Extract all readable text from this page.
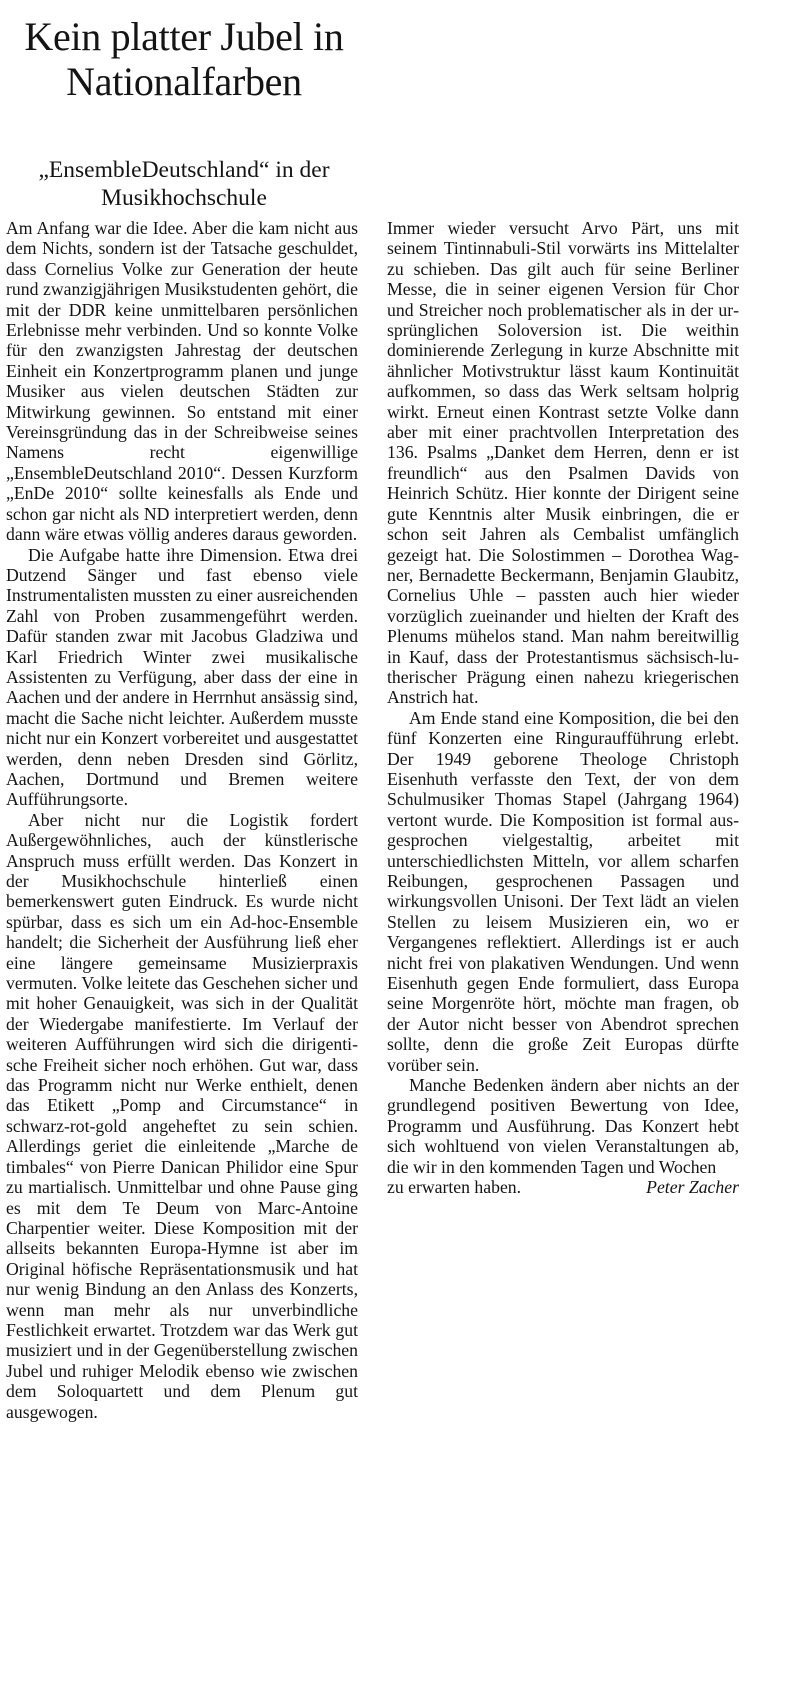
Kein platter Jubel in Nationalfarben
„EnsembleDeutschland“ in der Musikhochschule

Am Anfang war die Idee. Aber die kam nicht aus dem Nichts, sondern ist der Tatsache geschuldet, dass Cornelius Volke zur Generation der heute rund zwanzigjährigen Musikstudenten gehört, die mit der DDR keine unmittelbaren persönlichen Erlebnisse mehr verbinden. Und so konnte Volke für den zwanzigsten Jahrestag der deutschen Einheit ein Konzertprogramm planen und junge Musiker aus vielen deutschen Städten zur Mitwirkung gewinnen. So entstand mit einer Vereinsgründung das in der Schreibweise seines Namens recht eigenwillige „EnsembleDeutschland 2010“. Dessen Kurzform „EnDe 2010“ sollte keinesfalls als Ende und schon gar nicht als ND interpretiert werden, denn dann wäre etwas völlig anderes daraus geworden.

Die Aufgabe hatte ihre Dimension. Etwa drei Dutzend Sänger und fast ebenso viele Instrumentalisten mussten zu einer ausreichenden Zahl von Proben zusammengeführt werden. Dafür standen zwar mit Jacobus Gladziwa und Karl Friedrich Winter zwei musikalische Assistenten zu Verfügung, aber dass der eine in Aachen und der andere in Herrnhut ansässig sind, macht die Sache nicht leichter. Außerdem musste nicht nur ein Konzert vorbereitet und ausgestattet werden, denn neben Dresden sind Görlitz, Aachen, Dortmund und Bremen weitere Aufführungsorte.

Aber nicht nur die Logistik fordert Außergewöhnliches, auch der künstlerische Anspruch muss erfüllt werden. Das Konzert in der Musikhochschule hinterließ einen bemerkenswert guten Eindruck. Es wurde nicht spürbar, dass es sich um ein Ad-hoc-Ensemble handelt; die Sicherheit der Ausführung ließ eher eine längere gemeinsame Musizierpraxis vermuten. Volke leitete das Geschehen sicher und mit hoher Genauigkeit, was sich in der Qualität der Wiedergabe manifestierte. Im Verlauf der weiteren Aufführungen wird sich die dirigentische Freiheit sicher noch erhöhen. Gut war, dass das Programm nicht nur Werke enthielt, denen das Etikett „Pomp and Circumstance“ in schwarz-rot-gold angeheftet zu sein schien. Allerdings geriet die einleitende „Marche de timbales“ von Pierre Danican Philidor eine Spur zu martialisch. Unmittelbar und ohne Pause ging es mit dem Te Deum von Marc-Antoine Charpentier weiter. Diese Komposition mit der allseits bekannten Europa-Hymne ist aber im Original höfische Repräsentationsmusik und hat nur wenig Bindung an den Anlass des Konzerts, wenn man mehr als nur unverbindliche Festlichkeit erwartet. Trotzdem war das Werk gut musiziert und in der Gegenüberstellung zwischen Jubel und ruhiger Melodik ebenso wie zwischen dem Soloquartett und dem Plenum gut ausgewogen.

Immer wieder versucht Arvo Pärt, uns mit seinem Tintinnabuli-Stil vorwärts ins Mittelalter zu schieben. Das gilt auch für seine Berliner Messe, die in seiner eigenen Version für Chor und Streicher noch problematischer als in der ursprünglichen Soloversion ist. Die weithin dominierende Zerlegung in kurze Abschnitte mit ähnlicher Motivstruktur lässt kaum Kontinuität aufkommen, so dass das Werk seltsam holprig wirkt. Erneut einen Kontrast setzte Volke dann aber mit einer prachtvollen Interpretation des 136. Psalms „Danket dem Herren, denn er ist freundlich“ aus den Psalmen Davids von Heinrich Schütz. Hier konnte der Dirigent seine gute Kenntnis alter Musik einbringen, die er schon seit Jahren als Cembalist umfänglich gezeigt hat. Die Solostimmen – Dorothea Wagner, Bernadette Beckermann, Benjamin Glaubitz, Cornelius Uhle – passten auch hier wieder vorzüglich zueinander und hielten der Kraft des Plenums mühelos stand. Man nahm bereitwillig in Kauf, dass der Protestantismus sächsisch-lutherischer Prägung einen nahezu kriegerischen Anstrich hat.

Am Ende stand eine Komposition, die bei den fünf Konzerten eine Ringuraufführung erlebt. Der 1949 geborene Theologe Christoph Eisenhuth verfasste den Text, der von dem Schulmusiker Thomas Stapel (Jahrgang 1964) vertont wurde. Die Komposition ist formal ausgesprochen vielgestaltig, arbeitet mit unterschiedlichsten Mitteln, vor allem scharfen Reibungen, gesprochenen Passagen und wirkungsvollen Unisoni. Der Text lädt an vielen Stellen zu leisem Musizieren ein, wo er Vergangenes reflektiert. Allerdings ist er auch nicht frei von plakativen Wendungen. Und wenn Eisenhuth gegen Ende formuliert, dass Europa seine Morgenröte hört, möchte man fragen, ob der Autor nicht besser von Abendrot sprechen sollte, denn die große Zeit Europas dürfte vorüber sein.

Manche Bedenken ändern aber nichts an der grundlegend positiven Bewertung von Idee, Programm und Ausführung. Das Konzert hebt sich wohltuend von vielen Veranstaltungen ab, die wir in den kommenden Tagen und Wochen

zu erwarten haben.	Peter Zacher
